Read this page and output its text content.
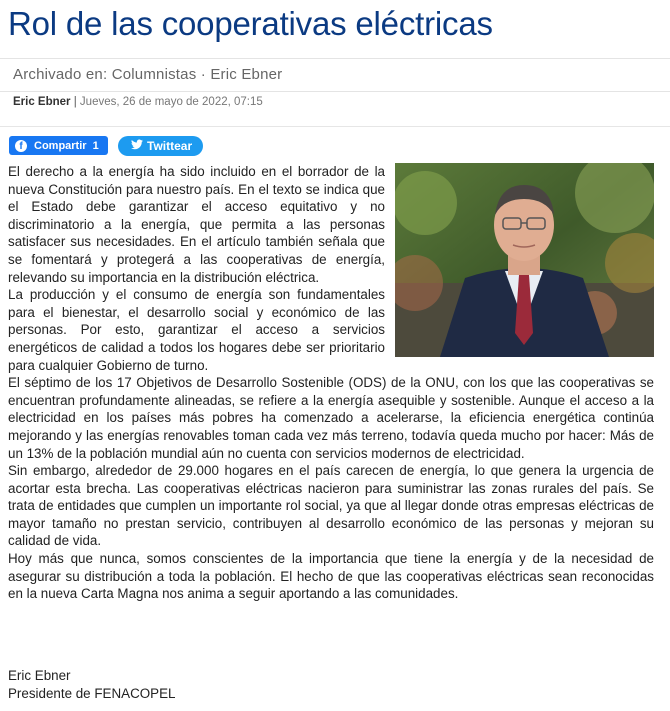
Rol de las cooperativas eléctricas
Archivado en: Columnistas · Eric Ebner
Eric Ebner | Jueves, 26 de mayo de 2022, 07:15
f	Compartir 1	Twittear

El derecho a la energía ha sido incluido en el borrador de la nueva Constitución para nuestro país. En el texto se indica que el Estado debe garantizar el acceso equitativo y no discriminatorio a la energía, que permita a las personas satisfacer sus necesidades. En el artículo también señala que se fomentará y protegerá a las cooperativas de energía, relevando su importancia en la distribución eléctrica.

La producción y el consumo de energía son fundamentales para el bienestar, el desarrollo social y económico de las personas. Por esto, garantizar el acceso a servicios energéticos de calidad a todos los hogares debe ser prioritario para cualquier Gobierno de turno.

El séptimo de los 17 Objetivos de Desarrollo Sostenible (ODS) de la ONU, con los que las cooperativas se encuentran profundamente alineadas, se refiere a la energía asequible y sostenible. Aunque el acceso a la electricidad en los países más pobres ha comenzado a acelerarse, la eficiencia energética continúa mejorando y las energías renovables toman cada vez más terreno, todavía queda mucho por hacer: Más de un 13% de la población mundial aún no cuenta con servicios modernos de electricidad.

Sin embargo, alrededor de 29.000 hogares en el país carecen de energía, lo que genera la urgencia de acortar esta brecha. Las cooperativas eléctricas nacieron para suministrar las zonas rurales del país. Se trata de entidades que cumplen un importante rol social, ya que al llegar donde otras empresas eléctricas de mayor tamaño no prestan servicio, contribuyen al desarrollo económico de las personas y mejoran su calidad de vida.

Hoy más que nunca, somos conscientes de la importancia que tiene la energía y de la necesidad de asegurar su distribución a toda la población. El hecho de que las cooperativas eléctricas sean reconocidas en la nueva Carta Magna nos anima a seguir aportando a las comunidades.

Eric Ebner
Presidente de FENACOPEL
